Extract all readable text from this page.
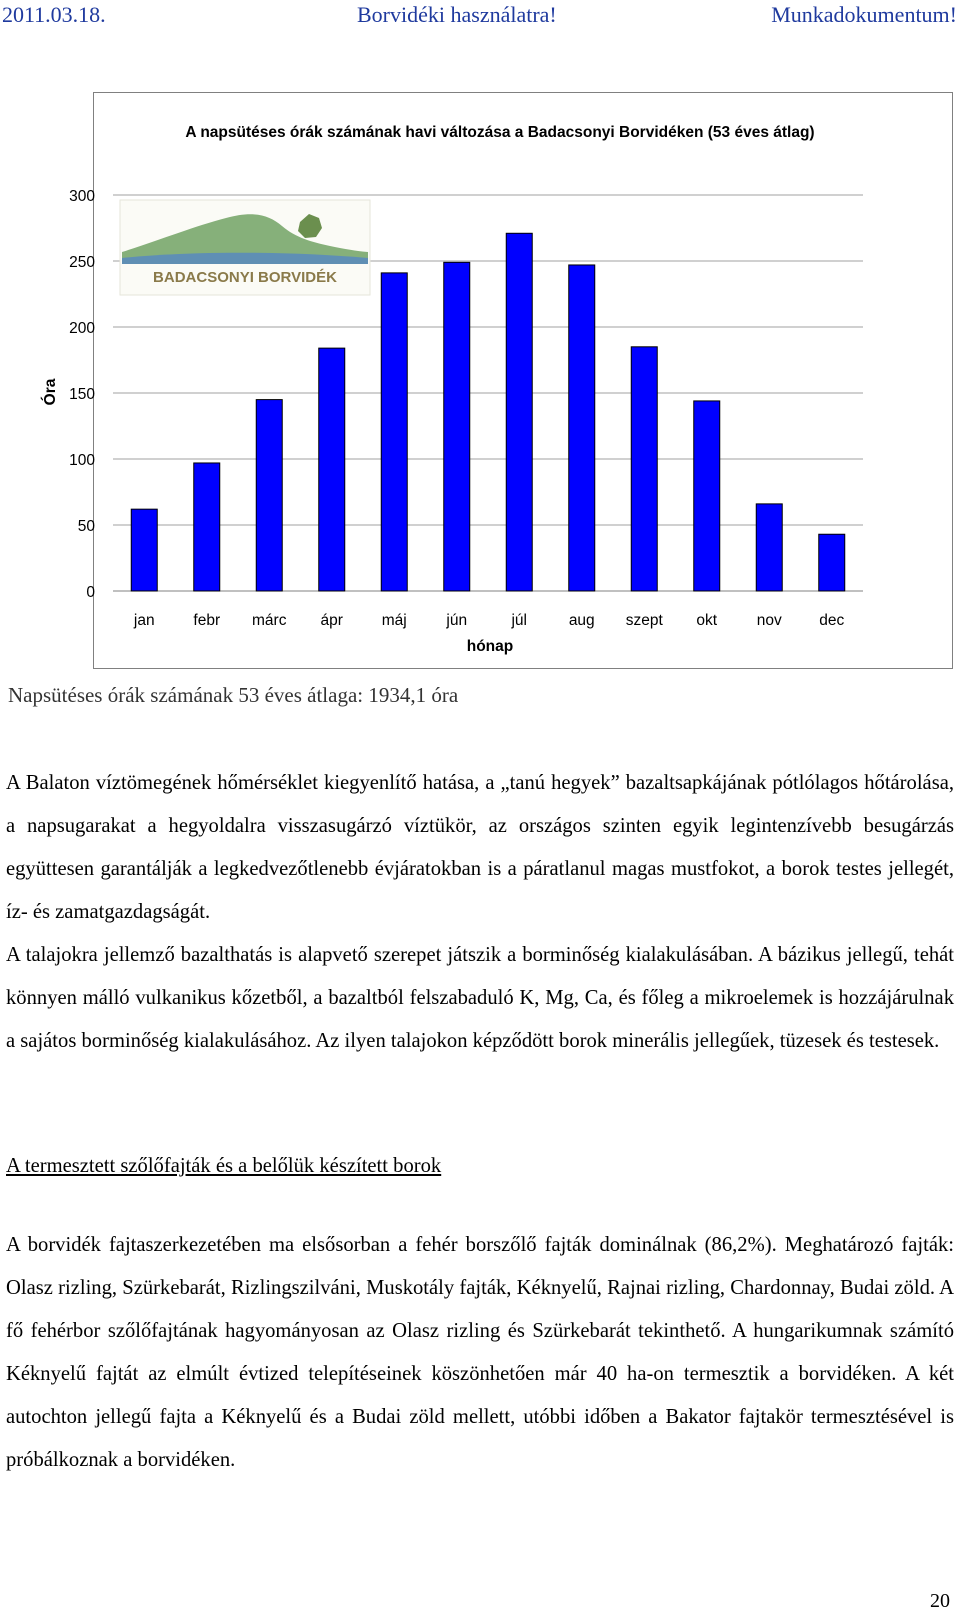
2011.03.18.	Borvidéki használatra!	Munkadokumentum!
A napsütéses órák számának havi változása a Badacsonyi Borvidéken (53 éves átlag)
BADACSONYI BORVIDÉK
0
50
100
150
200
250
300
jan	febr márc ápr	máj	jún	júl	aug szept okt	nov dec
hónap
Óra
Napsütéses órák számának 53 éves átlaga: 1934,1 óra
A Balaton víztömegének hőmérséklet kiegyenlítő hatása, a „tanú hegyek” bazaltsapkájának pótlólagos hőtárolása, a napsugarakat a hegyoldalra visszasugárzó víztükör, az országos szinten egyik legintenzívebb besugárzás együttesen garantálják a legkedvezőtlenebb évjáratokban is a páratlanul magas mustfokot, a borok testes jellegét, íz- és zamatgazdagságát.
A talajokra jellemző bazalthatás is alapvető szerepet játszik a borminőség kialakulásában. A bázikus jellegű, tehát könnyen málló vulkanikus kőzetből, a bazaltból felszabaduló K, Mg, Ca, és főleg a mikroelemek is hozzájárulnak a sajátos borminőség kialakulásához. Az ilyen talajokon képződött borok minerális jellegűek, tüzesek és testesek.
A termesztett szőlőfajták és a belőlük készített borok
A borvidék fajtaszerkezetében ma elsősorban a fehér borszőlő fajták dominálnak (86,2%). Meghatározó fajták: Olasz rizling, Szürkebarát, Rizlingszilváni, Muskotály fajták, Kéknyelű, Rajnai rizling, Chardonnay, Budai zöld. A fő fehérbor szőlőfajtának hagyományosan az Olasz rizling és Szürkebarát tekinthető. A hungarikumnak számító Kéknyelű fajtát az elmúlt évtized telepítéseinek köszönhetően már 40 ha-on termesztik a borvidéken. A két autochton jellegű fajta a Kéknyelű és a Budai zöld mellett, utóbbi időben a Bakator fajtakör termesztésével is próbálkoznak a borvidéken.
20
